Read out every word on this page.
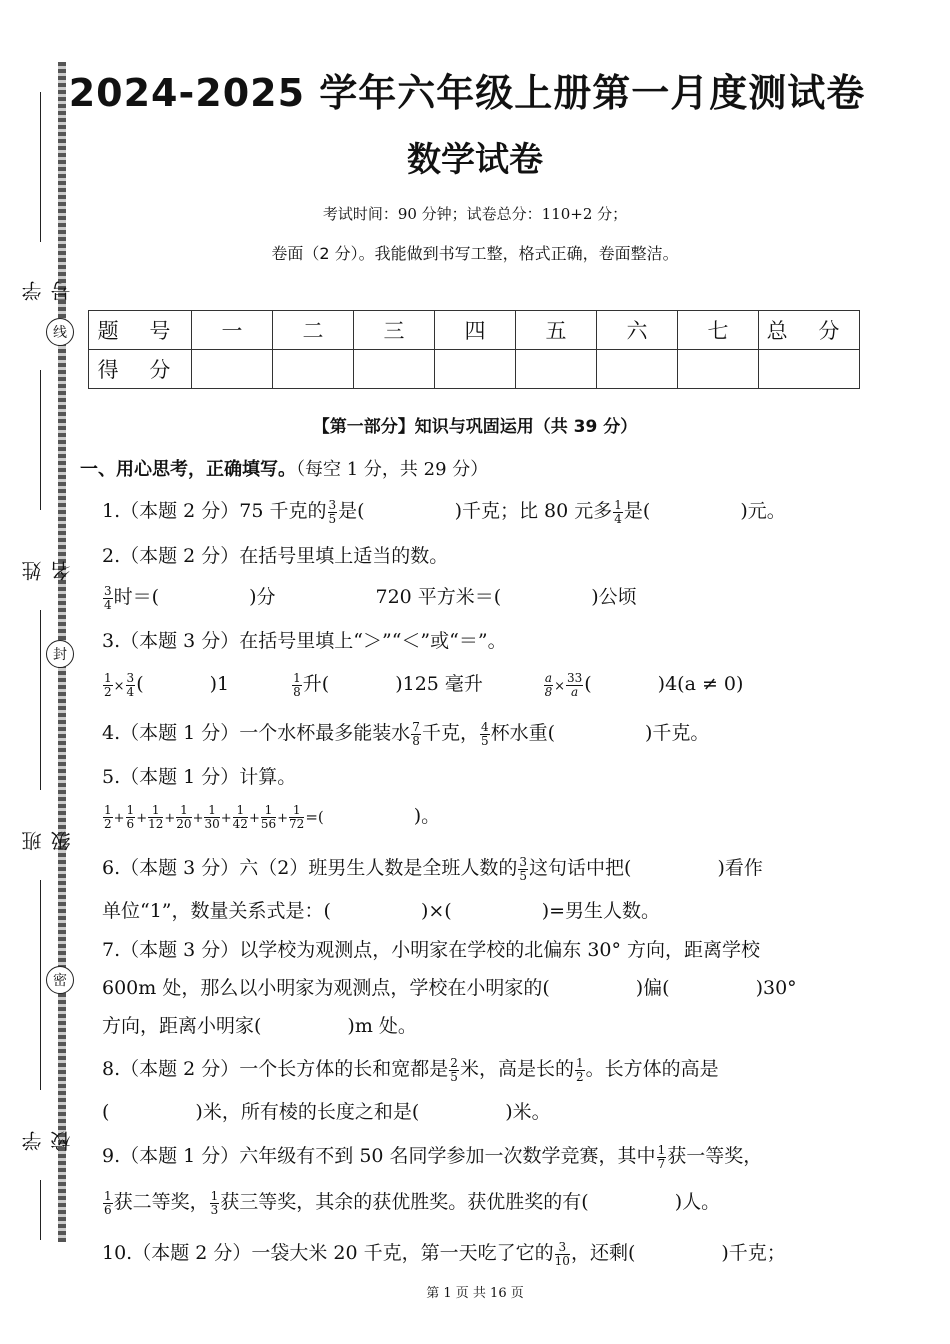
学 号
姓 名
班 级
学 校
线
封
密
2024-2025 学年六年级上册第一月度测试卷
数学试卷
考试时间：90 分钟；试卷总分：110+2 分；
卷面（2 分）。我能做到书写工整，格式正确，卷面整洁。
题 号	一	二	三	四	五	六	七	总 分
得 分								
【第一部分】知识与巩固运用（共 39 分）
一、用心思考，正确填写。（每空 1 分，共 29 分）
1.（本题 2 分）75 千克的 $\frac{3}{5}$ 是(	)千克；比 80 元多 $\frac{1}{4}$ 是(	)元。
2.（本题 2 分）在括号里填上适当的数。
$\frac{3}{4}$ 时＝(	)分	720 平方米＝(	)公顷
3.（本题 3 分）在括号里填上“＞”“＜”或“＝”。
$\frac{1}{2} \times \frac{3}{4}$ (	)1	$\frac{1}{8}$ 升(	)125 毫升	$\frac{a}{8} \times \frac{33}{a}$ (	)4(a ≠ 0)
4.（本题 1 分）一个水杯最多能装水 $\frac{7}{8}$ 千克， $\frac{4}{5}$ 杯水重(	)千克。
5.（本题 1 分）计算。
$\frac{1}{2} + \frac{1}{6} + \frac{1}{12} + \frac{1}{20} + \frac{1}{30} + \frac{1}{42} + \frac{1}{56} + \frac{1}{72}$ =(	)。
6.（本题 3 分）六（2）班男生人数是全班人数的 $\frac{3}{5}$ 这句话中把(	)看作
单位“1”，数量关系式是：(	)×(	)=男生人数。
7.（本题 3 分）以学校为观测点，小明家在学校的北偏东 30° 方向，距离学校
600m 处，那么以小明家为观测点，学校在小明家的(	)偏(	)30°
方向，距离小明家(	)m 处。
8.（本题 2 分）一个长方体的长和宽都是 $\frac{2}{5}$ 米，高是长的 $\frac{1}{2}$ 。长方体的高是
(	)米，所有棱的长度之和是(	)米。
9.（本题 1 分）六年级有不到 50 名同学参加一次数学竞赛，其中 $\frac{1}{7}$ 获一等奖，
$\frac{1}{6}$ 获二等奖， $\frac{1}{3}$ 获三等奖，其余的获优胜奖。获优胜奖的有(	)人。
10.（本题 2 分）一袋大米 20 千克，第一天吃了它的 $\frac{3}{10}$ ，还剩(	)千克；
第 1 页 共 16 页
